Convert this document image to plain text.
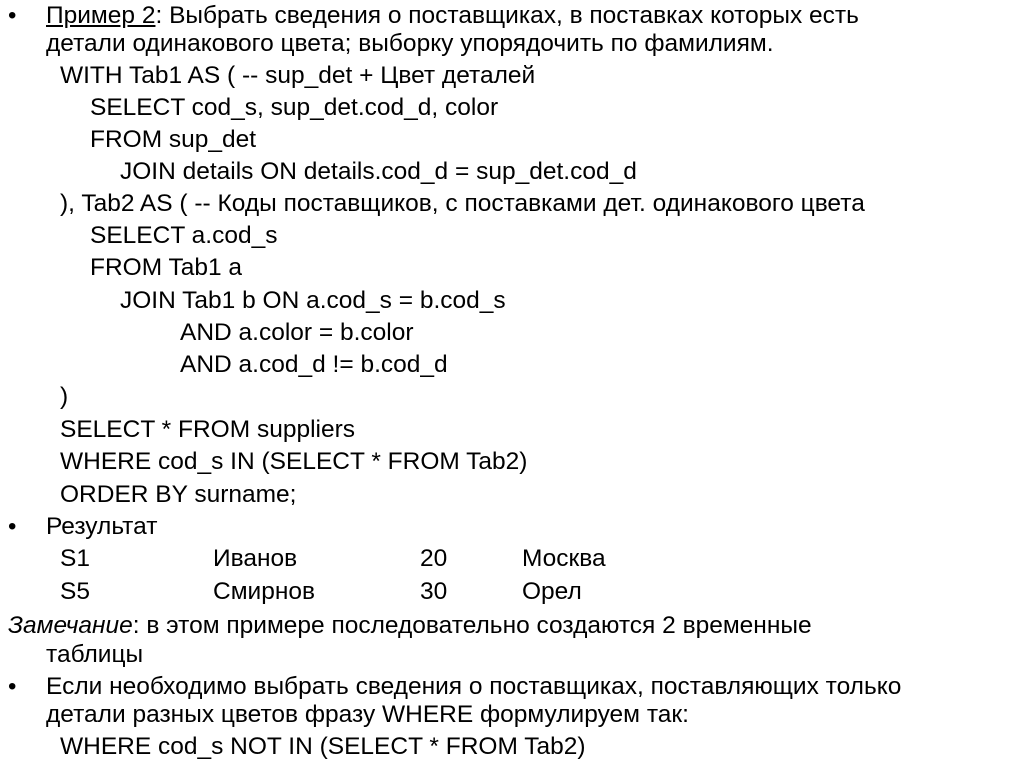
• Пример 2: Выбрать сведения о поставщиках, в поставках которых есть
детали одинакового цвета; выборку упорядочить по фамилиям.
WITH Tab1 AS ( -- sup_det + Цвет деталей
SELECT cod_s, sup_det.cod_d, color
FROM sup_det
JOIN details ON details.cod_d = sup_det.cod_d
), Tab2 AS ( -- Коды поставщиков, с поставками дет. одинакового цвета
SELECT a.cod_s
FROM Tab1 a
JOIN Tab1 b ON a.cod_s = b.cod_s
AND a.color = b.color
AND a.cod_d != b.cod_d
)
SELECT * FROM suppliers
WHERE cod_s IN (SELECT * FROM Tab2)
ORDER BY surname;
• Результат
S1	Иванов	20	Москва
S5	Смирнов	30	Орел
Замечание: в этом примере последовательно создаются 2 временные
таблицы
• Если необходимо выбрать сведения о поставщиках, поставляющих только
детали разных цветов фразу WHERE формулируем так:
WHERE cod_s NOT IN (SELECT * FROM Tab2)
